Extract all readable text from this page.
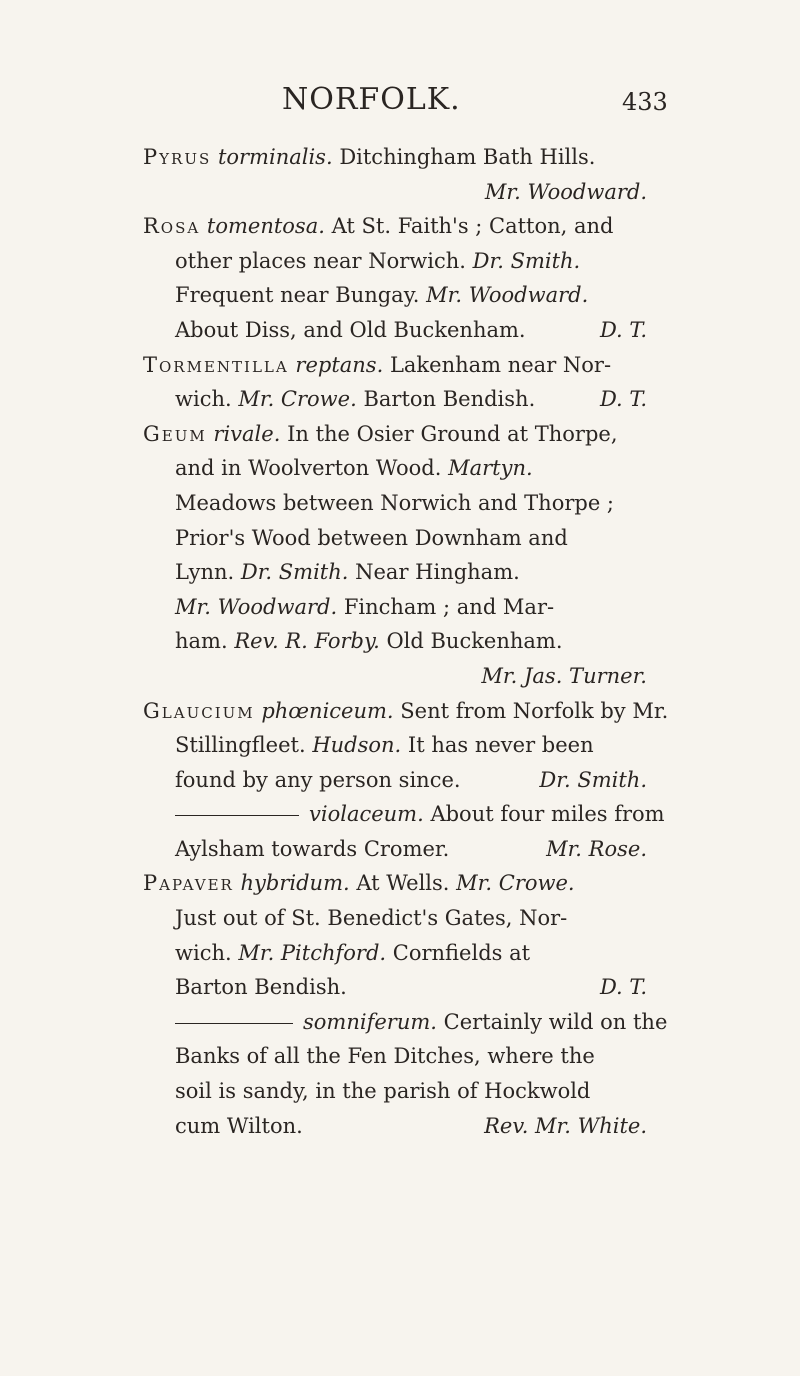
NORFOLK.	433
Pyrus torminalis. Ditchingham Bath Hills.
Mr. Woodward.
Rosa tomentosa. At St. Faith's ; Catton, and
other places near Norwich. Dr. Smith.
Frequent near Bungay. Mr. Woodward.
About Diss, and Old Buckenham.	D. T.
Tormentilla reptans. Lakenham near Nor-
wich. Mr. Crowe. Barton Bendish.	D. T.
Geum rivale. In the Osier Ground at Thorpe,
and in Woolverton Wood. Martyn.
Meadows between Norwich and Thorpe ;
Prior's Wood between Downham and
Lynn. Dr. Smith. Near Hingham.
Mr. Woodward. Fincham ; and Mar-
ham. Rev. R. Forby. Old Buckenham.
Mr. Jas. Turner.
Glaucium phœniceum. Sent from Norfolk by Mr.
Stillingfleet. Hudson. It has never been
found by any person since.	Dr. Smith.
violaceum. About four miles from
Aylsham towards Cromer.	Mr. Rose.
Papaver hybridum. At Wells. Mr. Crowe.
Just out of St. Benedict's Gates, Nor-
wich. Mr. Pitchford. Cornfields at
Barton Bendish.	D. T.
somniferum. Certainly wild on the
Banks of all the Fen Ditches, where the
soil is sandy, in the parish of Hockwold
cum Wilton.	Rev. Mr. White.
